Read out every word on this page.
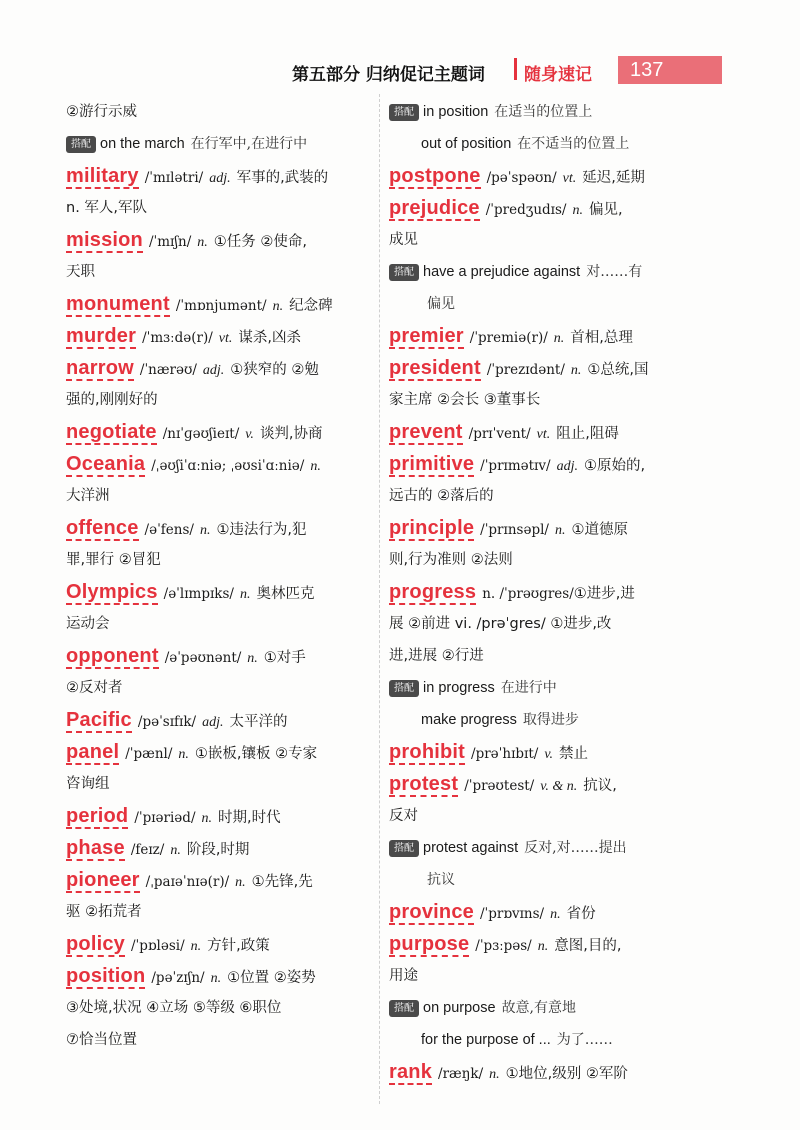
第五部分 归纳促记主题词 随身速记 137
②游行示威
搭配 on the march 在行军中,在进行中
military /ˈmɪlətri/ adj. 军事的,武装的
n. 军人,军队
mission /ˈmɪʃn/ n. ①任务 ②使命,
天职
monument /ˈmɒnjumənt/ n. 纪念碑
murder /ˈmɜːdə(r)/ vt. 谋杀,凶杀
narrow /ˈnærəʊ/ adj. ①狭窄的 ②勉
强的,刚刚好的
negotiate /nɪˈɡəʊʃieɪt/ v. 谈判,协商
Oceania /ˌəʊʃiˈɑːniə; ˌəʊsiˈɑːniə/ n.
大洋洲
offence /əˈfens/ n. ①违法行为,犯
罪,罪行 ②冒犯
Olympics /əˈlɪmpɪks/ n. 奥林匹克
运动会
opponent /əˈpəʊnənt/ n. ①对手
②反对者
Pacific /pəˈsɪfɪk/ adj. 太平洋的
panel /ˈpænl/ n. ①嵌板,镶板 ②专家
咨询组
period /ˈpɪəriəd/ n. 时期,时代
phase /feɪz/ n. 阶段,时期
pioneer /ˌpaɪəˈnɪə(r)/ n. ①先锋,先
驱 ②拓荒者
policy /ˈpɒləsi/ n. 方针,政策
position /pəˈzɪʃn/ n. ①位置 ②姿势
③处境,状况 ④立场 ⑤等级 ⑥职位
⑦恰当位置
搭配 in position 在适当的位置上
out of position 在不适当的位置上
postpone /pəˈspəʊn/ vt. 延迟,延期
prejudice /ˈpredʒudɪs/ n. 偏见,
成见
搭配 have a prejudice against 对……有
偏见
premier /ˈpremiə(r)/ n. 首相,总理
president /ˈprezɪdənt/ n. ①总统,国
家主席 ②会长 ③董事长
prevent /prɪˈvent/ vt. 阻止,阻碍
primitive /ˈprɪmətɪv/ adj. ①原始的,
远古的 ②落后的
principle /ˈprɪnsəpl/ n. ①道德原
则,行为准则 ②法则
progress n. /ˈprəʊgres/①进步,进
展 ②前进 vi. /prəˈgres/ ①进步,改
进,进展 ②行进
搭配 in progress 在进行中
make progress 取得进步
prohibit /prəˈhɪbɪt/ v. 禁止
protest /ˈprəʊtest/ v. & n. 抗议,
反对
搭配 protest against 反对,对……提出
抗议
province /ˈprɒvɪns/ n. 省份
purpose /ˈpɜːpəs/ n. 意图,目的,
用途
搭配 on purpose 故意,有意地
for the purpose of ... 为了……
rank /ræŋk/ n. ①地位,级别 ②军阶
